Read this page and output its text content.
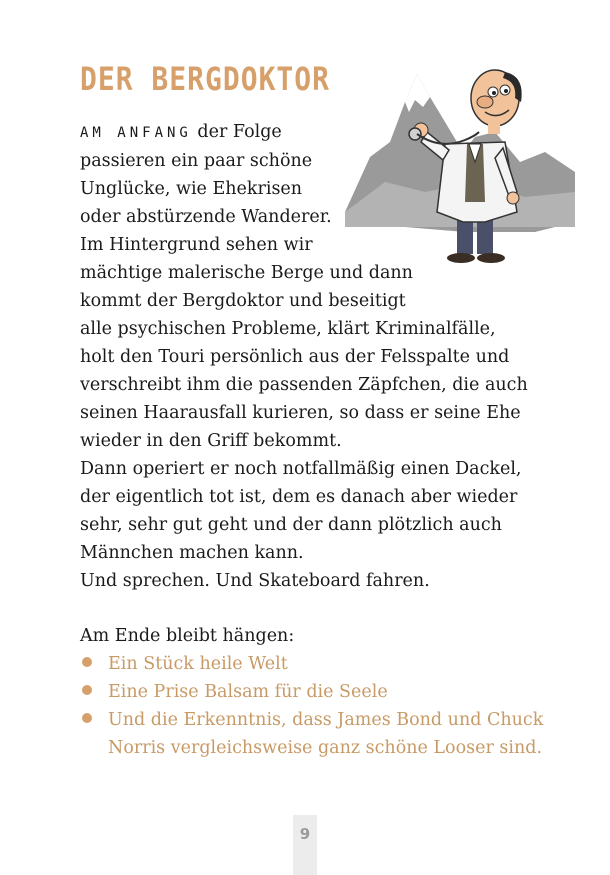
DER BERGDOKTOR
AM ANFANG der Folge
passieren ein paar schöne
Unglücke, wie Ehekrisen
oder abstürzende Wanderer.
Im Hintergrund sehen wir
mächtige malerische Berge und dann
kommt der Bergdoktor und beseitigt
alle psychischen Probleme, klärt Kriminalfälle,
holt den Touri persönlich aus der Felsspalte und
verschreibt ihm die passenden Zäpfchen, die auch
seinen Haarausfall kurieren, so dass er seine Ehe
wieder in den Griff bekommt.
Dann operiert er noch notfallmäßig einen Dackel,
der eigentlich tot ist, dem es danach aber wieder
sehr, sehr gut geht und der dann plötzlich auch
Männchen machen kann.
Und sprechen. Und Skateboard fahren.
Am Ende bleibt hängen:
Ein Stück heile Welt
Eine Prise Balsam für die Seele
Und die Erkenntnis, dass James Bond und Chuck
Norris vergleichsweise ganz schöne Looser sind.
9
